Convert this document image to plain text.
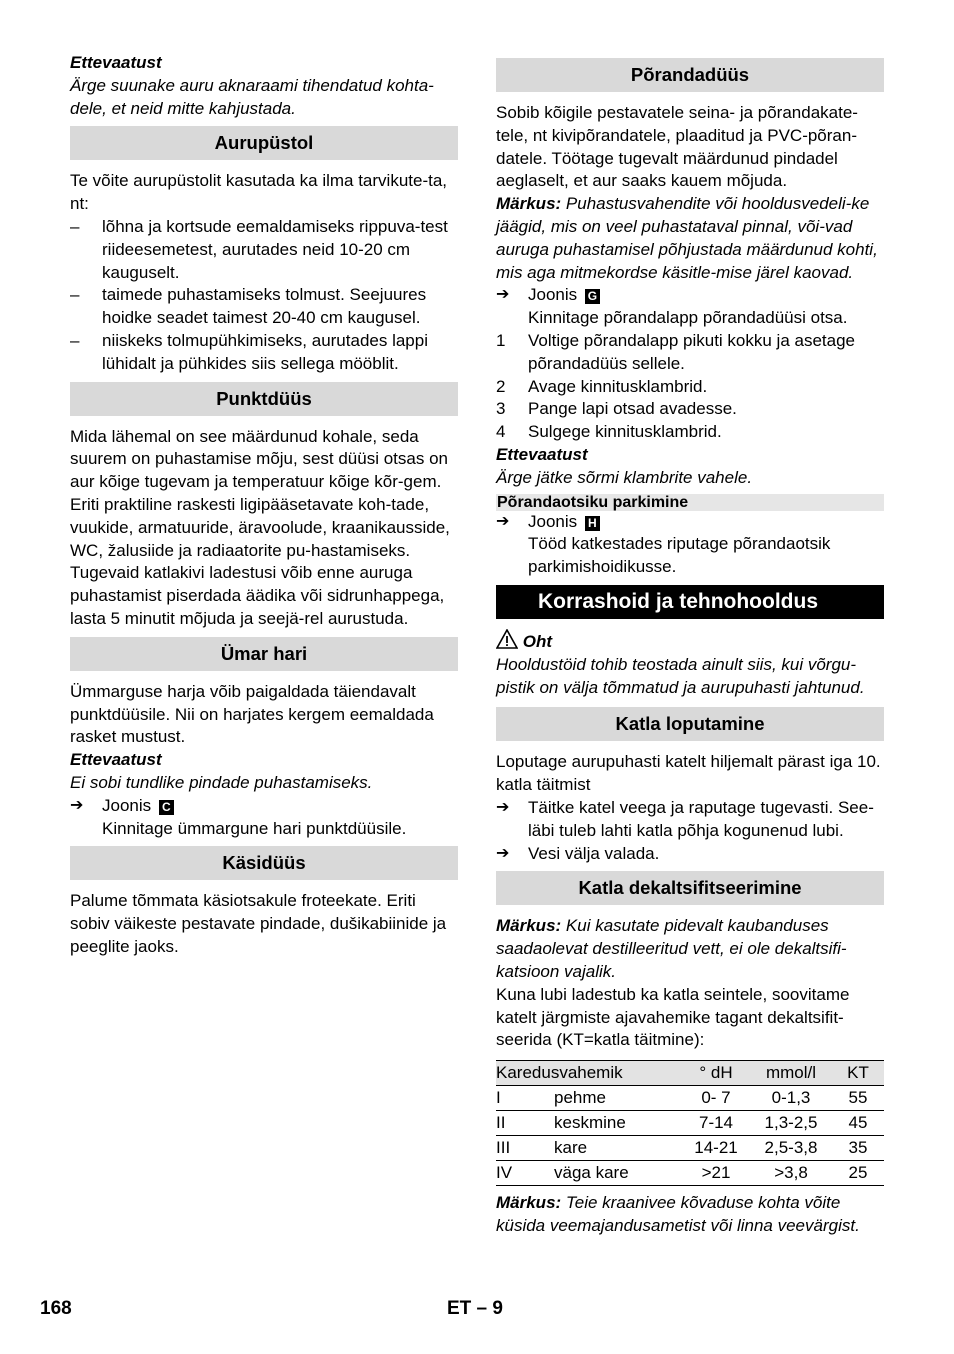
Ettevaatust

Ärge suunake auru aknaraami tihendatud kohta-dele, et neid mitte kahjustada.

Aurupüstol

Te võite aurupüstolit kasutada ka ilma tarvikute-ta, nt:

–	lõhna ja kortsude eemaldamiseks rippuva-test riideesemetest, aurutades neid 10-20 cm kauguselt.
–	taimede puhastamiseks tolmust. Seejuures hoidke seadet taimest 20-40 cm kaugusel.
–	niiskeks tolmupühkimiseks, aurutades lappi lühidalt ja pühkides siis sellega mööblit.
Punktdüüs

Mida lähemal on see määrdunud kohale, seda suurem on puhastamise mõju, sest düüsi otsas on aur kõige tugevam ja temperatuur kõige kõr-gem. Eriti praktiline raskesti ligipääsetavate koh-tade, vuukide, armatuuride, äravoolude, kraanikausside, WC, žalusiide ja radiaatorite pu-hastamiseks. Tugevaid katlakivi ladestusi võib enne auruga puhastamist piserdada äädika või sidrunhappega, lasta 5 minutit mõjuda ja seejä-rel aurustuda.

Ümar hari

Ümmarguse harja võib paigaldada täiendavalt punktdüüsile. Nii on harjates kergem eemaldada rasket mustust.

Ettevaatust

Ei sobi tundlike pindade puhastamiseks.

➔	Joonis C
Kinnitage ümmargune hari punktdüüsile.
Käsidüüs

Palume tõmmata käsiotsakule froteekate. Eriti sobiv väikeste pestavate pindade, dušikabiinide ja peeglite jaoks.

Põrandadüüs

Sobib kõigile pestavatele seina- ja põrandakate-tele, nt kivipõrandatele, plaaditud ja PVC-põran-datele. Töötage tugevalt määrdunud pindadel aeglaselt, et aur saaks kauem mõjuda.

Märkus: Puhastusvahendite või hooldusvedeli-ke jäägid, mis on veel puhastataval pinnal, või-vad auruga puhastamisel põhjustada määrdunud kohti, mis aga mitmekordse käsitle-mise järel kaovad.

➔	Joonis G
Kinnitage põrandalapp põrandadüüsi otsa.
1	Voltige põrandalapp pikuti kokku ja asetage põrandadüüs sellele.
2	Avage kinnitusklambrid.
3	Pange lapi otsad avadesse.
4	Sulgege kinnitusklambrid.

Ettevaatust

Ärge jätke sõrmi klambrite vahele.

Põrandaotsiku parkimine
➔	Joonis H
Tööd katkestades riputage põrandaotsik parkimishoidikusse.
Korrashoid ja tehnohooldus

Oht

Hooldustöid tohib teostada ainult siis, kui võrgu-pistik on välja tõmmatud ja aurupuhasti jahtunud.

Katla loputamine

Loputage aurupuhasti katelt hiljemalt pärast iga 10. katla täitmist

➔	Täitke katel veega ja raputage tugevasti. See-läbi tuleb lahti katla põhja kogunenud lubi.
➔	Vesi välja valada.
Katla dekaltsifitseerimine

Märkus: Kui kasutate pidevalt kaubanduses saadaolevat destilleeritud vett, ei ole dekaltsifi-katsioon vajalik.

Kuna lubi ladestub ka katla seintele, soovitame katelt järgmiste ajavahemike tagant dekaltsifit-seerida (KT=katla täitmine):

Karedusvahemik		° dH	mmol/l	KT
I	pehme	0- 7	0-1,3	55
II	keskmine	7-14	1,3-2,5	45
III	kare	14-21	2,5-3,8	35
IV	väga kare	>21	>3,8	25

Märkus: Teie kraanivee kõvaduse kohta võite küsida veemajandusametist või linna veevärgist.

168	ET – 9
